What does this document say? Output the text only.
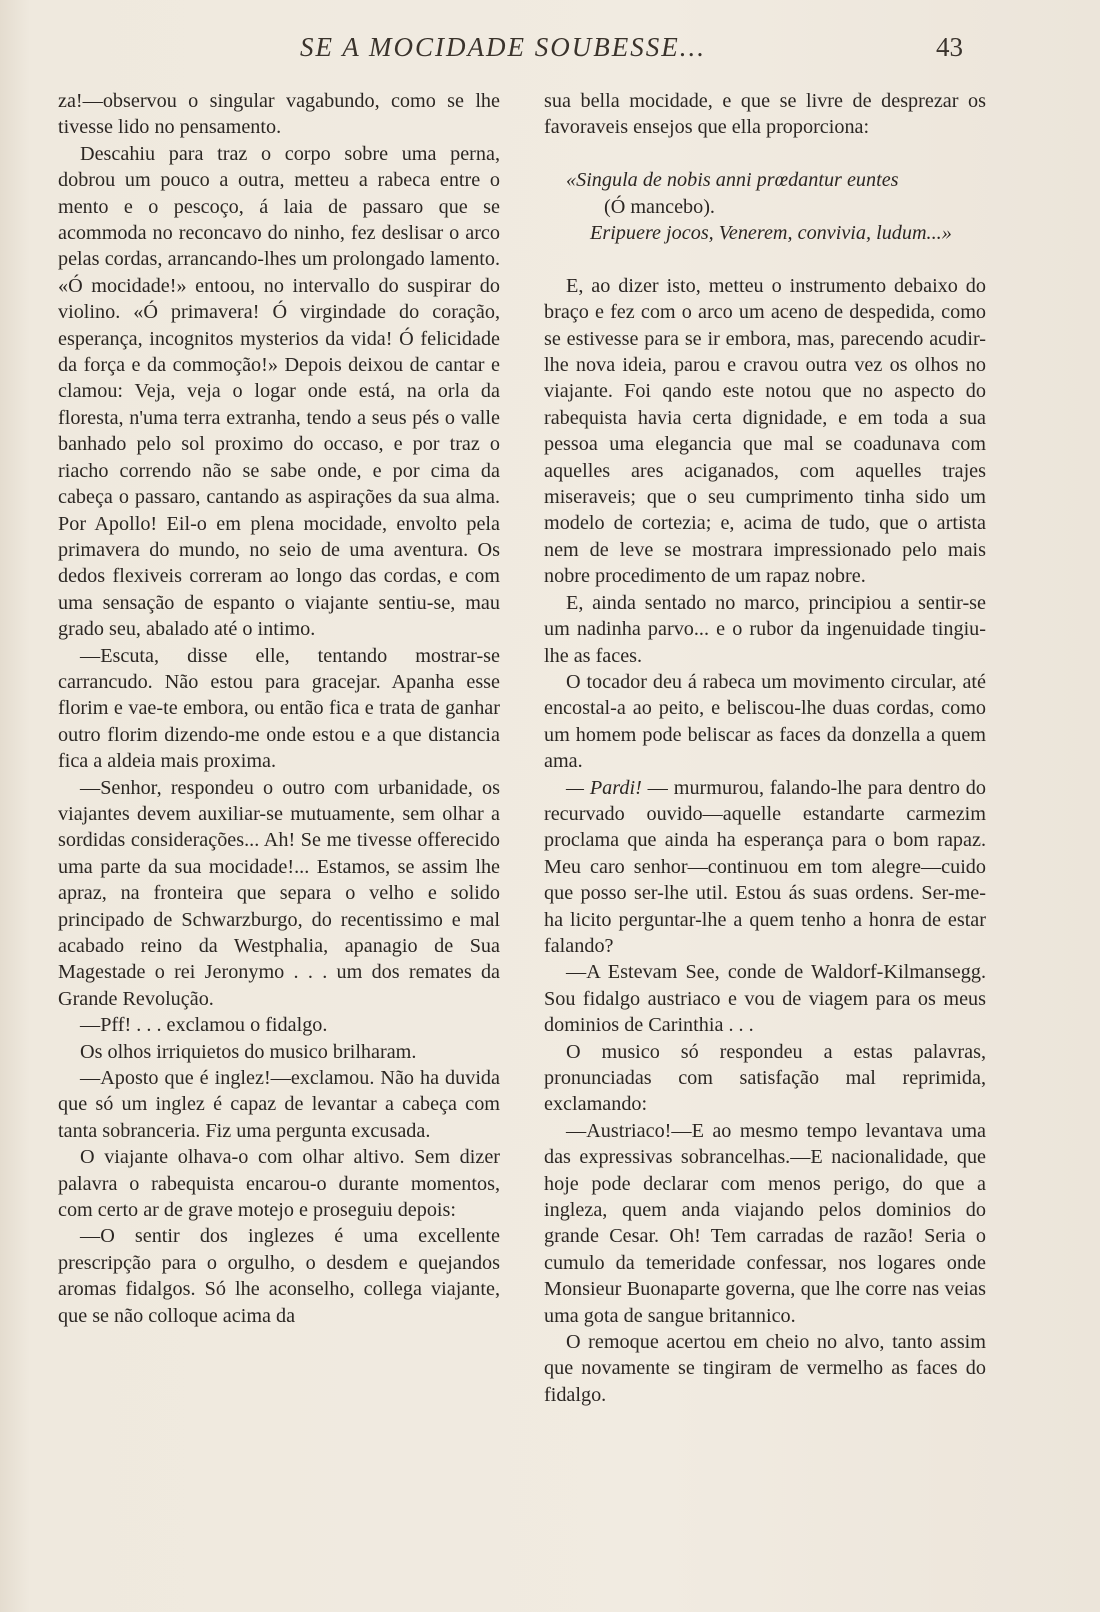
SE A MOCIDADE SOUBESSE...	43

za!—observou o singular vagabundo, como se lhe tivesse lido no pensamento.

Descahiu para traz o corpo sobre uma perna, dobrou um pouco a outra, metteu a rabeca entre o mento e o pescoço, á laia de passaro que se acommoda no reconcavo do ninho, fez deslisar o arco pelas cordas, arrancando-lhes um prolongado lamento. «Ó mocidade!» entoou, no intervallo do suspirar do violino. «Ó primavera! Ó virgindade do coração, esperança, incognitos mysterios da vida! Ó felicidade da força e da commoção!» Depois deixou de cantar e clamou: Veja, veja o logar onde está, na orla da floresta, n'uma terra extranha, tendo a seus pés o valle banhado pelo sol proximo do occaso, e por traz o riacho correndo não se sabe onde, e por cima da cabeça o passaro, cantando as aspirações da sua alma. Por Apollo! Eil-o em plena mocidade, envolto pela primavera do mundo, no seio de uma aventura. Os dedos flexiveis correram ao longo das cordas, e com uma sensação de espanto o viajante sentiu-se, mau grado seu, abalado até o intimo.

—Escuta, disse elle, tentando mostrar-se carrancudo. Não estou para gracejar. Apanha esse florim e vae-te embora, ou então fica e trata de ganhar outro florim dizendo-me onde estou e a que distancia fica a aldeia mais proxima.

—Senhor, respondeu o outro com urbanidade, os viajantes devem auxiliar-se mutuamente, sem olhar a sordidas considerações... Ah! Se me tivesse offerecido uma parte da sua mocidade!... Estamos, se assim lhe apraz, na fronteira que separa o velho e solido principado de Schwarzburgo, do recentissimo e mal acabado reino da Westphalia, apanagio de Sua Magestade o rei Jeronymo . . . um dos remates da Grande Revolução.

—Pff! . . . exclamou o fidalgo.

Os olhos irriquietos do musico brilharam.

—Aposto que é inglez!—exclamou. Não ha duvida que só um inglez é capaz de levantar a cabeça com tanta sobranceria. Fiz uma pergunta excusada.

O viajante olhava-o com olhar altivo. Sem dizer palavra o rabequista encarou-o durante momentos, com certo ar de grave motejo e proseguiu depois:

—O sentir dos inglezes é uma excellente prescripção para o orgulho, o desdem e quejandos aromas fidalgos. Só lhe aconselho, collega viajante, que se não colloque acima da

sua bella mocidade, e que se livre de desprezar os favoraveis ensejos que ella proporciona:

«Singula de nobis anni prœdantur euntes
(Ó mancebo).
Eripuere jocos, Venerem, convivia, ludum...»

E, ao dizer isto, metteu o instrumento debaixo do braço e fez com o arco um aceno de despedida, como se estivesse para se ir embora, mas, parecendo acudir-lhe nova ideia, parou e cravou outra vez os olhos no viajante. Foi qando este notou que no aspecto do rabequista havia certa dignidade, e em toda a sua pessoa uma elegancia que mal se coadunava com aquelles ares aciganados, com aquelles trajes miseraveis; que o seu cumprimento tinha sido um modelo de cortezia; e, acima de tudo, que o artista nem de leve se mostrara impressionado pelo mais nobre procedimento de um rapaz nobre.

E, ainda sentado no marco, principiou a sentir-se um nadinha parvo... e o rubor da ingenuidade tingiu-lhe as faces.

O tocador deu á rabeca um movimento circular, até encostal-a ao peito, e beliscou-lhe duas cordas, como um homem pode beliscar as faces da donzella a quem ama.

— Pardi! — murmurou, falando-lhe para dentro do recurvado ouvido—aquelle estandarte carmezim proclama que ainda ha esperança para o bom rapaz. Meu caro senhor—continuou em tom alegre—cuido que posso ser-lhe util. Estou ás suas ordens. Ser-me-ha licito perguntar-lhe a quem tenho a honra de estar falando?

—A Estevam See, conde de Waldorf-Kilmansegg. Sou fidalgo austriaco e vou de viagem para os meus dominios de Carinthia . . .

O musico só respondeu a estas palavras, pronunciadas com satisfação mal reprimida, exclamando:

—Austriaco!—E ao mesmo tempo levantava uma das expressivas sobrancelhas.—E nacionalidade, que hoje pode declarar com menos perigo, do que a ingleza, quem anda viajando pelos dominios do grande Cesar. Oh! Tem carradas de razão! Seria o cumulo da temeridade confessar, nos logares onde Monsieur Buonaparte governa, que lhe corre nas veias uma gota de sangue britannico.

O remoque acertou em cheio no alvo, tanto assim que novamente se tingiram de vermelho as faces do fidalgo.
